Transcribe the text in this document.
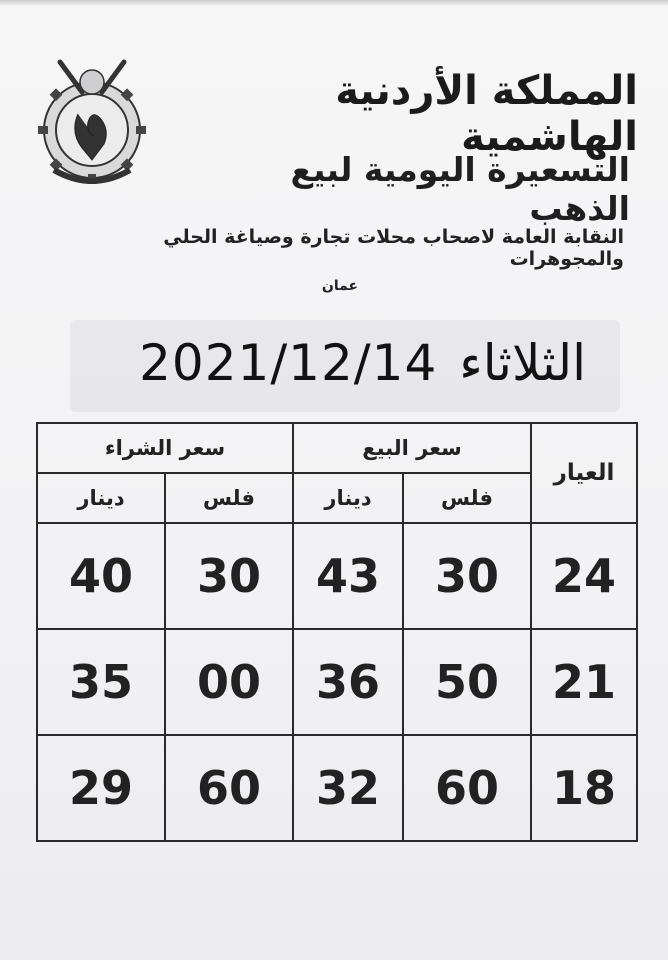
المملكة الأردنية الهاشمية
التسعيرة اليومية لبيع الذهب
النقابة العامة لاصحاب محلات تجارة وصياغة الحلي والمجوهرات
عمان
الثلاثاء
2021/12/14
العيار	سعر البيع		سعر الشراء	
	فلس	دينار	فلس	دينار
24	30	43	30	40
21	50	36	00	35
18	60	32	60	29
